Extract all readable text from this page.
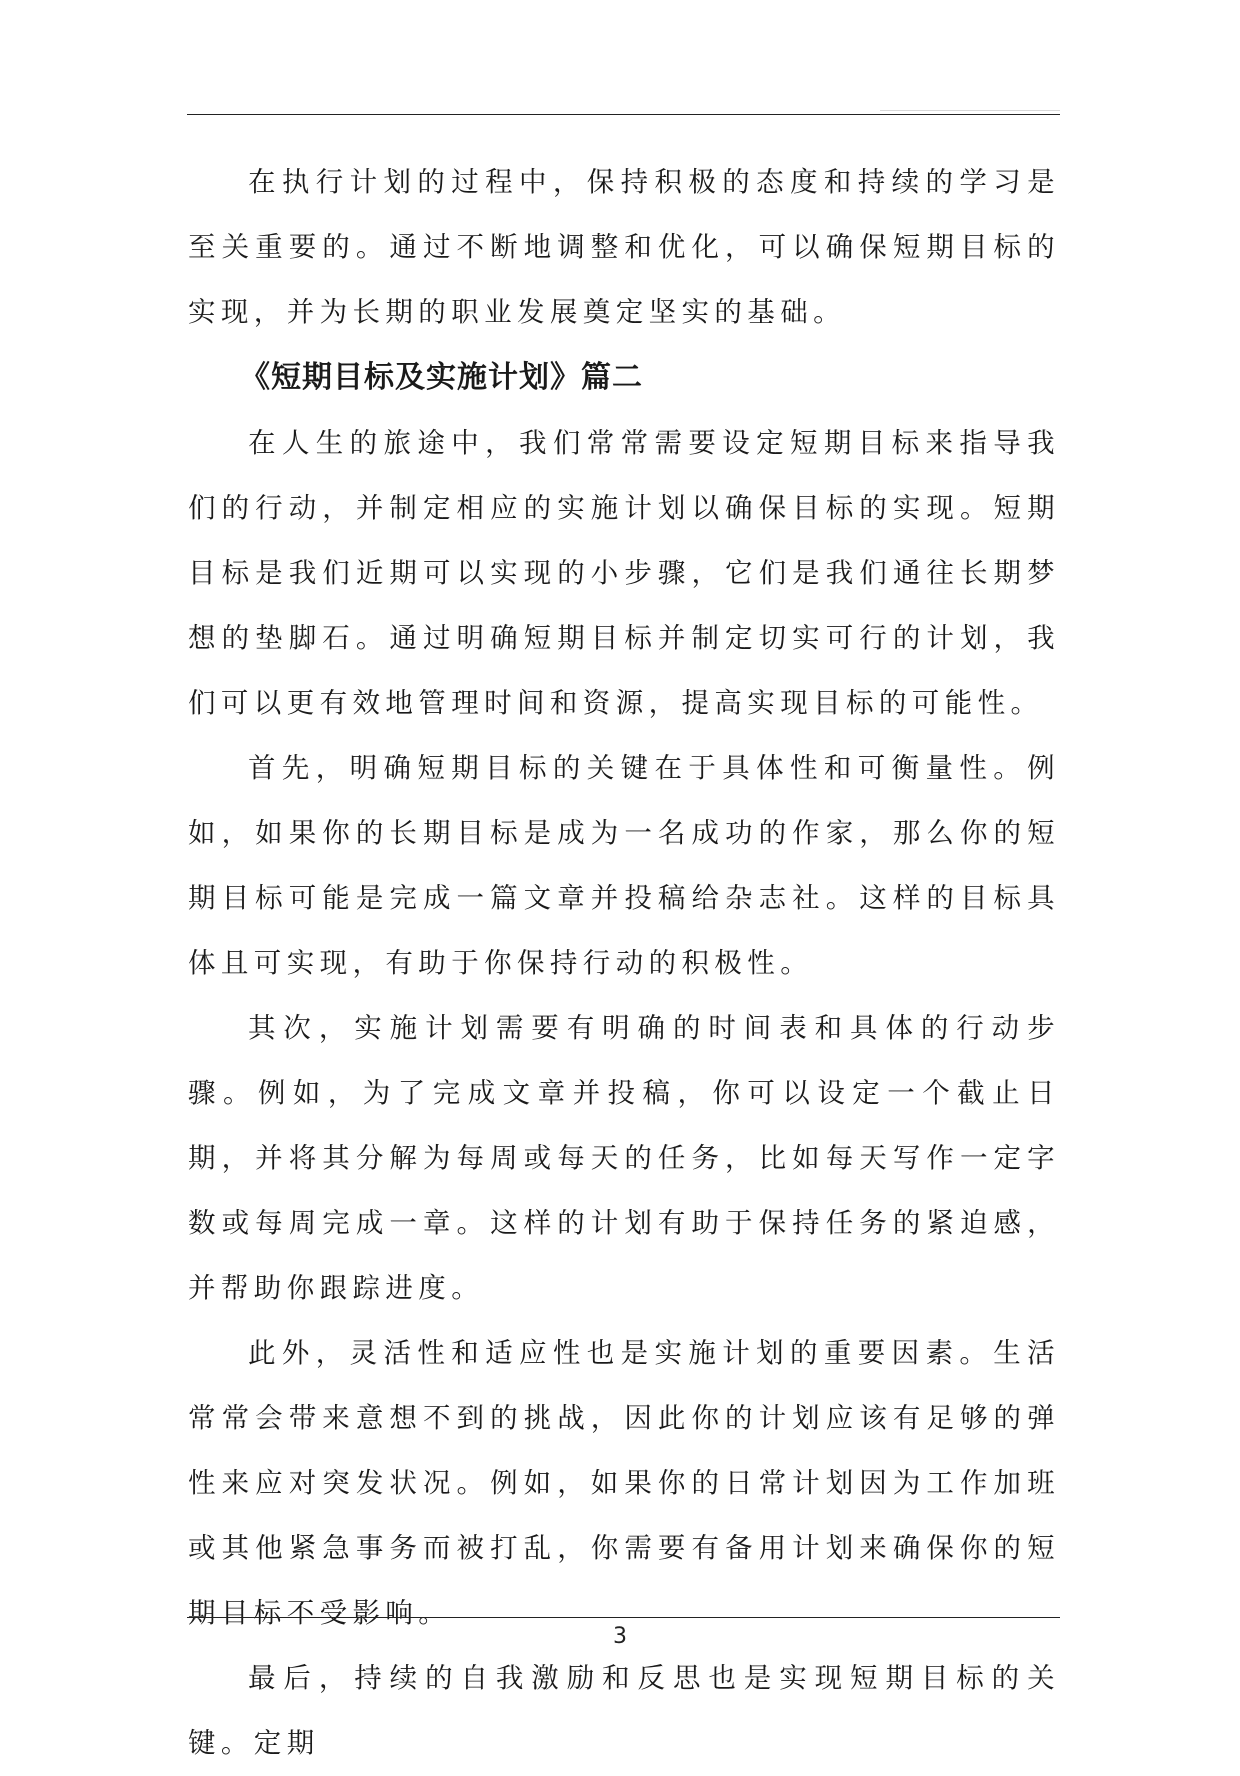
在执行计划的过程中，保持积极的态度和持续的学习是至关重要的。通过不断地调整和优化，可以确保短期目标的实现，并为长期的职业发展奠定坚实的基础。

《短期目标及实施计划》篇二

在人生的旅途中，我们常常需要设定短期目标来指导我们的行动，并制定相应的实施计划以确保目标的实现。短期目标是我们近期可以实现的小步骤，它们是我们通往长期梦想的垫脚石。通过明确短期目标并制定切实可行的计划，我们可以更有效地管理时间和资源，提高实现目标的可能性。

首先，明确短期目标的关键在于具体性和可衡量性。例如，如果你的长期目标是成为一名成功的作家，那么你的短期目标可能是完成一篇文章并投稿给杂志社。这样的目标具体且可实现，有助于你保持行动的积极性。

其次，实施计划需要有明确的时间表和具体的行动步骤。例如，为了完成文章并投稿，你可以设定一个截止日期，并将其分解为每周或每天的任务，比如每天写作一定字数或每周完成一章。这样的计划有助于保持任务的紧迫感，并帮助你跟踪进度。

此外，灵活性和适应性也是实施计划的重要因素。生活常常会带来意想不到的挑战，因此你的计划应该有足够的弹性来应对突发状况。例如，如果你的日常计划因为工作加班或其他紧急事务而被打乱，你需要有备用计划来确保你的短期目标不受影响。

最后，持续的自我激励和反思也是实现短期目标的关键。定期

3
